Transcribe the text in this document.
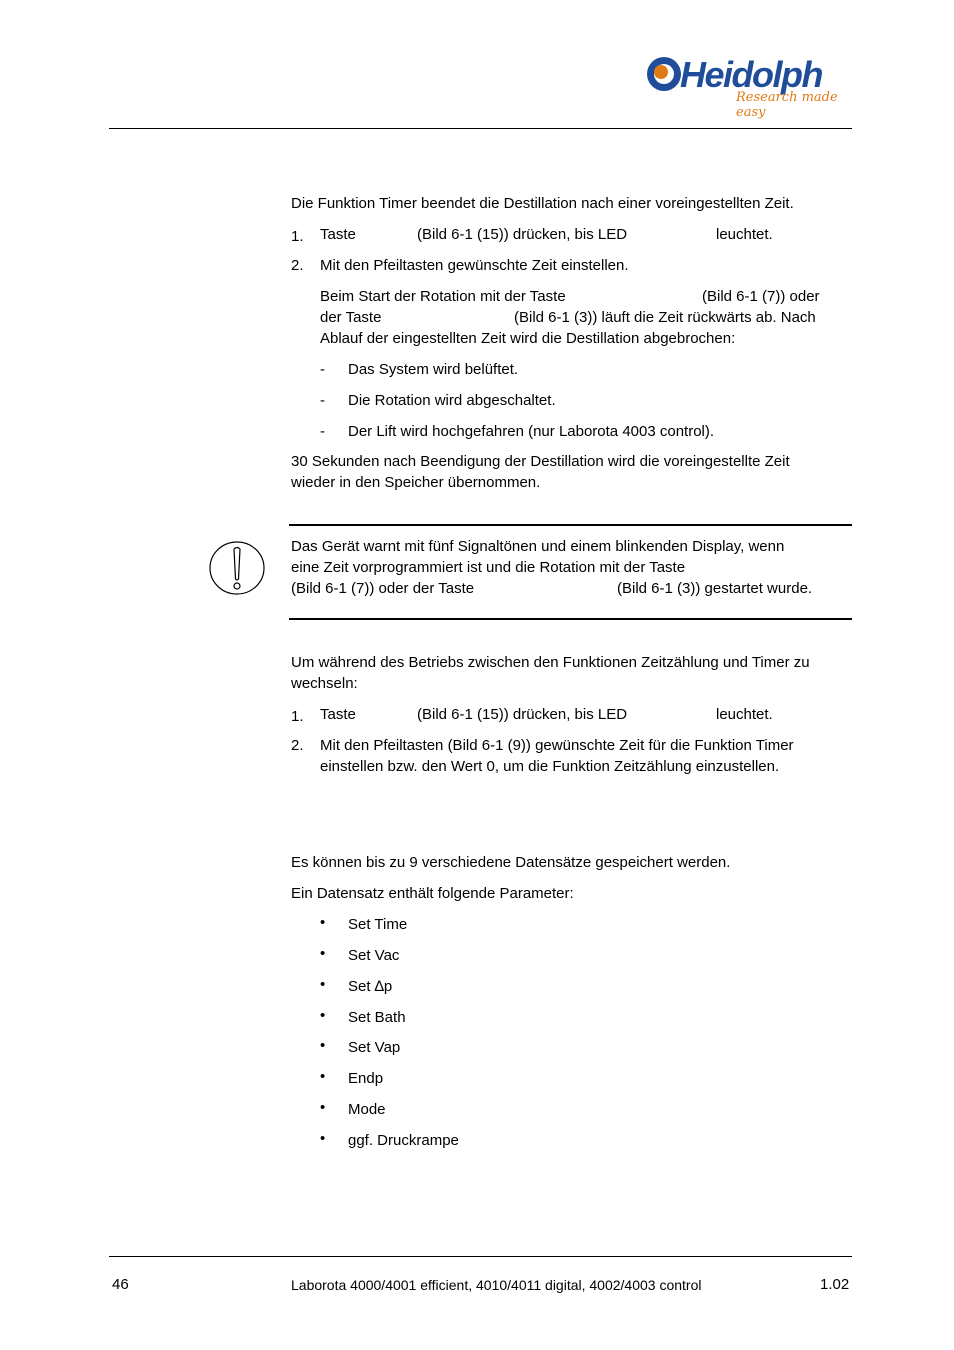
Heidolph
Research made easy
Die Funktion Timer beendet die Destillation nach einer voreingestellten Zeit.
1. Taste	(Bild 6-1 (15)) drücken, bis LED	leuchtet.
2. Mit den Pfeiltasten gewünschte Zeit einstellen.
Beim Start der Rotation mit der Taste	(Bild 6-1 (7)) oder
der Taste	(Bild 6-1 (3)) läuft die Zeit rückwärts ab. Nach
Ablauf der eingestellten Zeit wird die Destillation abgebrochen:
- Das System wird belüftet.
- Die Rotation wird abgeschaltet.
- Der Lift wird hochgefahren (nur Laborota 4003 control).
30 Sekunden nach Beendigung der Destillation wird die voreingestellte Zeit
wieder in den Speicher übernommen.
Das Gerät warnt mit fünf Signaltönen und einem blinkenden Display, wenn
eine Zeit vorprogrammiert ist und die Rotation mit der Taste
(Bild 6-1 (7)) oder der Taste	(Bild 6-1 (3)) gestartet wurde.
Um während des Betriebs zwischen den Funktionen Zeitzählung und Timer zu
wechseln:
1. Taste	(Bild 6-1 (15)) drücken, bis LED	leuchtet.
2. Mit den Pfeiltasten (Bild 6-1 (9)) gewünschte Zeit für die Funktion Timer
einstellen bzw. den Wert 0, um die Funktion Zeitzählung einzustellen.
Es können bis zu 9 verschiedene Datensätze gespeichert werden.
Ein Datensatz enthält folgende Parameter:
• Set Time
• Set Vac
• Set ∆p
• Set Bath
• Set Vap
• Endp
• Mode
• ggf. Druckrampe
46	Laborota 4000/4001 efficient, 4010/4011 digital, 4002/4003 control	1.02
